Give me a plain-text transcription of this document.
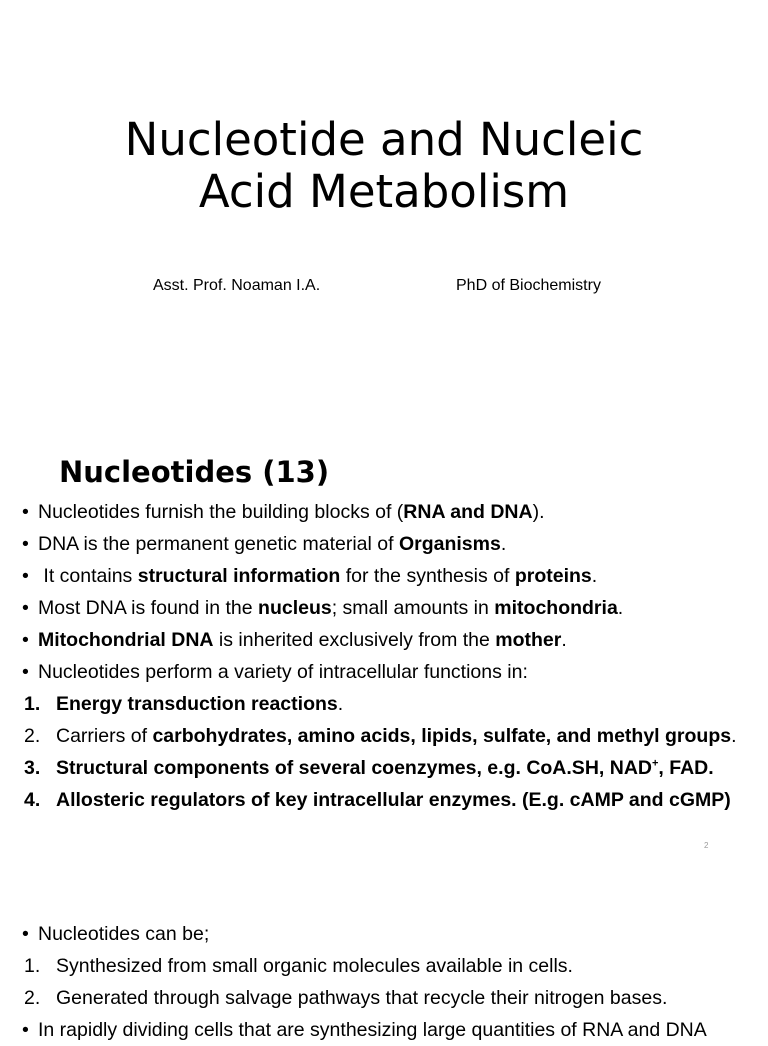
Nucleotide and Nucleic
Acid Metabolism
Asst. Prof. Noaman I.A.	PhD of Biochemistry
Nucleotides (13)
• Nucleotides furnish the building blocks of (RNA and DNA).
• DNA is the permanent genetic material of Organisms.
• It contains structural information for the synthesis of proteins.
• Most DNA is found in the nucleus; small amounts in mitochondria.
• Mitochondrial DNA is inherited exclusively from the mother.
• Nucleotides perform a variety of intracellular functions in:
1. Energy transduction reactions.
2. Carriers of carbohydrates, amino acids, lipids, sulfate, and methyl groups.
3. Structural components of several coenzymes, e.g. CoA.SH, NAD+, FAD.
4. Allosteric regulators of key intracellular enzymes. (E.g. cAMP and cGMP)
2
• Nucleotides can be;
1. Synthesized from small organic molecules available in cells.
2. Generated through salvage pathways that recycle their nitrogen bases.
• In rapidly dividing cells that are synthesizing large quantities of RNA and DNA
